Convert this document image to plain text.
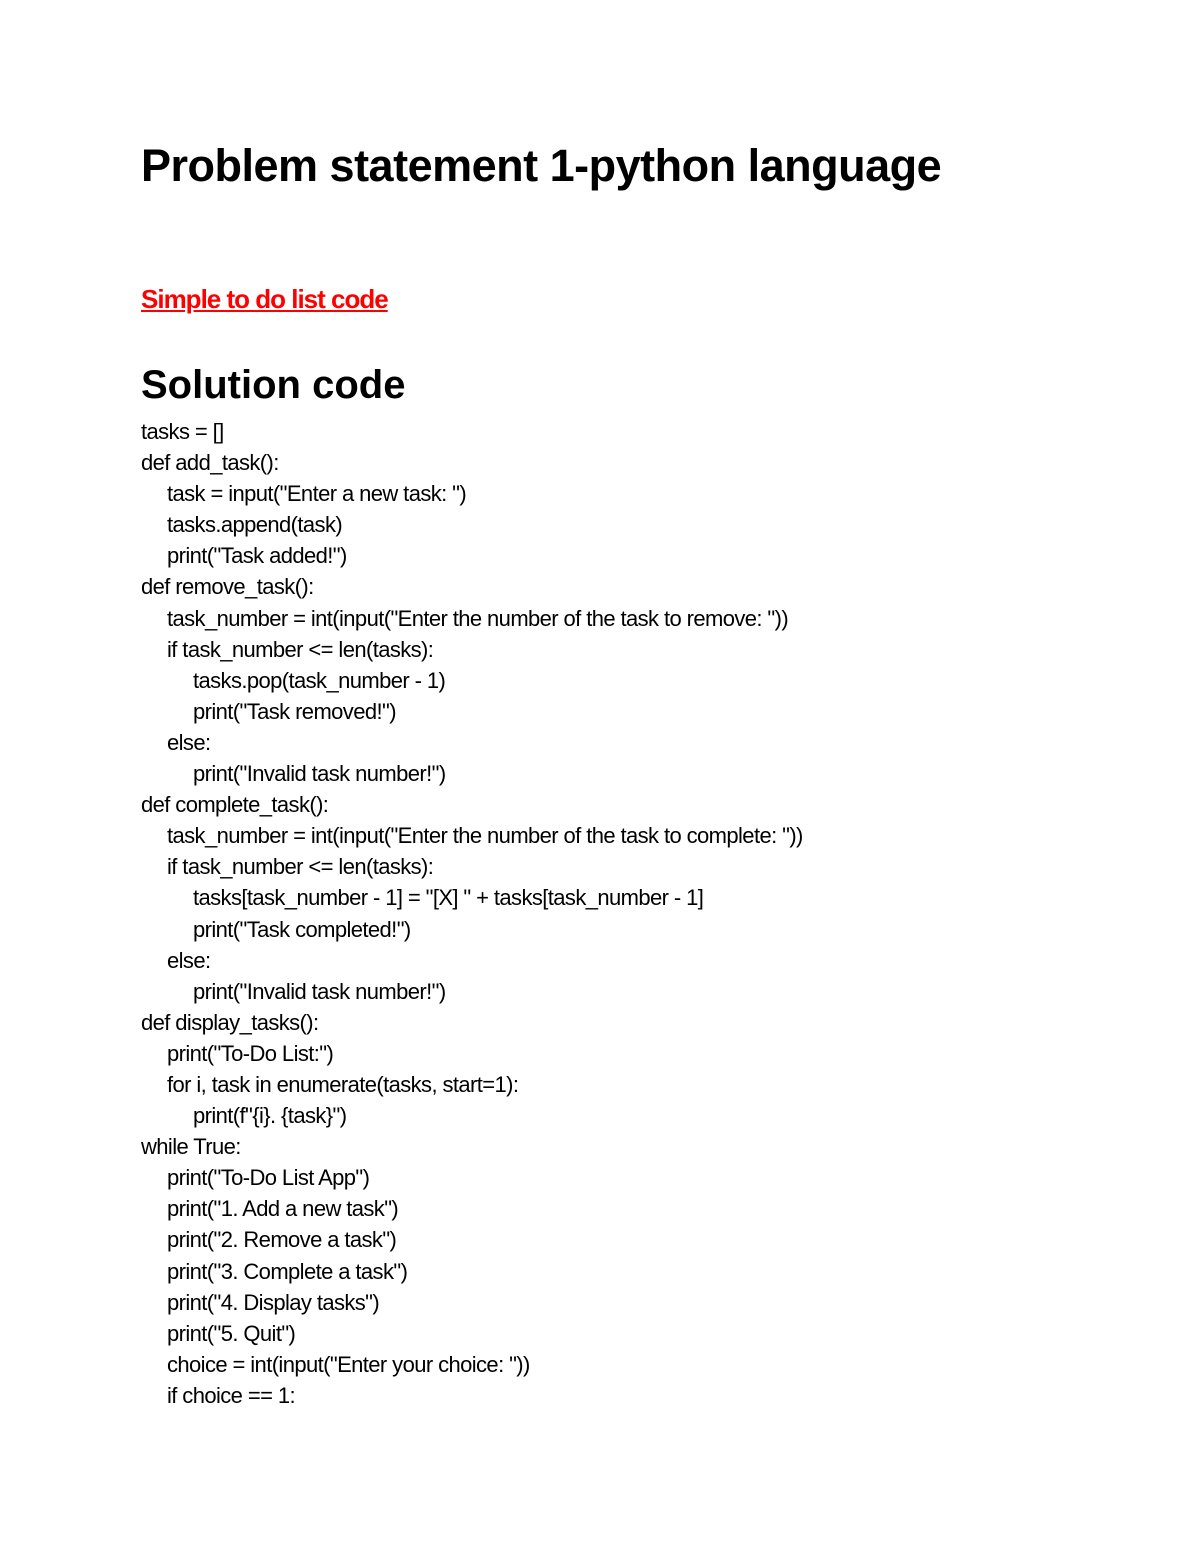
Problem statement 1-python language
Simple to do list code
Solution code
tasks = []
def add_task():
task = input("Enter a new task: ")
tasks.append(task)
print("Task added!")
def remove_task():
task_number = int(input("Enter the number of the task to remove: "))
if task_number <= len(tasks):
tasks.pop(task_number - 1)
print("Task removed!")
else:
print("Invalid task number!")
def complete_task():
task_number = int(input("Enter the number of the task to complete: "))
if task_number <= len(tasks):
tasks[task_number - 1] = "[X] " + tasks[task_number - 1]
print("Task completed!")
else:
print("Invalid task number!")
def display_tasks():
print("To-Do List:")
for i, task in enumerate(tasks, start=1):
print(f"{i}. {task}")
while True:
print("To-Do List App")
print("1. Add a new task")
print("2. Remove a task")
print("3. Complete a task")
print("4. Display tasks")
print("5. Quit")
choice = int(input("Enter your choice: "))
if choice == 1:
